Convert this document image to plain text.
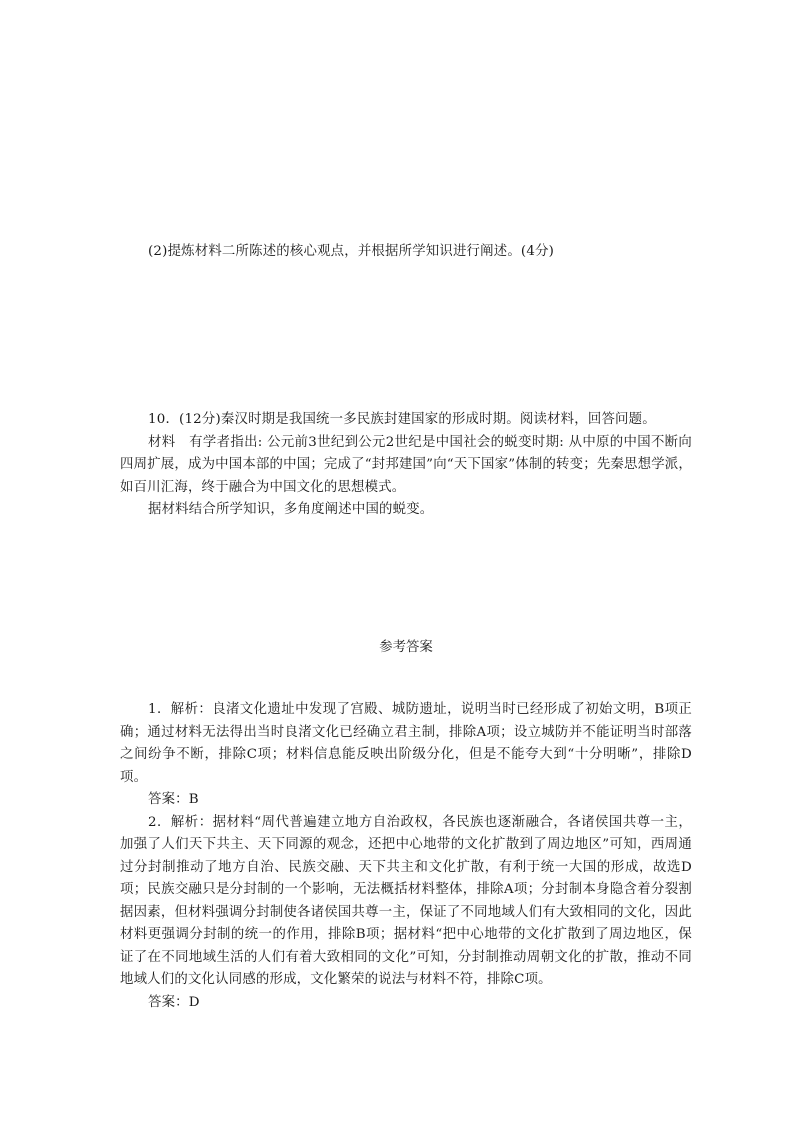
(2)提炼材料二所陈述的核心观点，并根据所学知识进行阐述。(4分)

10．(12分)秦汉时期是我国统一多民族封建国家的形成时期。阅读材料，回答问题。

材料　有学者指出: 公元前3世纪到公元2世纪是中国社会的蜕变时期: 从中原的中国不断向四周扩展，成为中国本部的中国；完成了“封邦建国”向“天下国家”体制的转变；先秦思想学派，如百川汇海，终于融合为中国文化的思想模式。

据材料结合所学知识，多角度阐述中国的蜕变。

参考答案

1．解析：良渚文化遗址中发现了宫殿、城防遗址，说明当时已经形成了初始文明，B项正确；通过材料无法得出当时良渚文化已经确立君主制，排除A项；设立城防并不能证明当时部落之间纷争不断，排除C项；材料信息能反映出阶级分化，但是不能夸大到“十分明晰”，排除D项。

答案：B

2．解析：据材料“周代普遍建立地方自治政权，各民族也逐渐融合，各诸侯国共尊一主，加强了人们天下共主、天下同源的观念，还把中心地带的文化扩散到了周边地区”可知，西周通过分封制推动了地方自治、民族交融、天下共主和文化扩散，有利于统一大国的形成，故选D项；民族交融只是分封制的一个影响，无法概括材料整体，排除A项；分封制本身隐含着分裂割据因素，但材料强调分封制使各诸侯国共尊一主，保证了不同地域人们有大致相同的文化，因此材料更强调分封制的统一的作用，排除B项；据材料“把中心地带的文化扩散到了周边地区，保证了在不同地域生活的人们有着大致相同的文化”可知，分封制推动周朝文化的扩散，推动不同地域人们的文化认同感的形成，文化繁荣的说法与材料不符，排除C项。

答案：D
